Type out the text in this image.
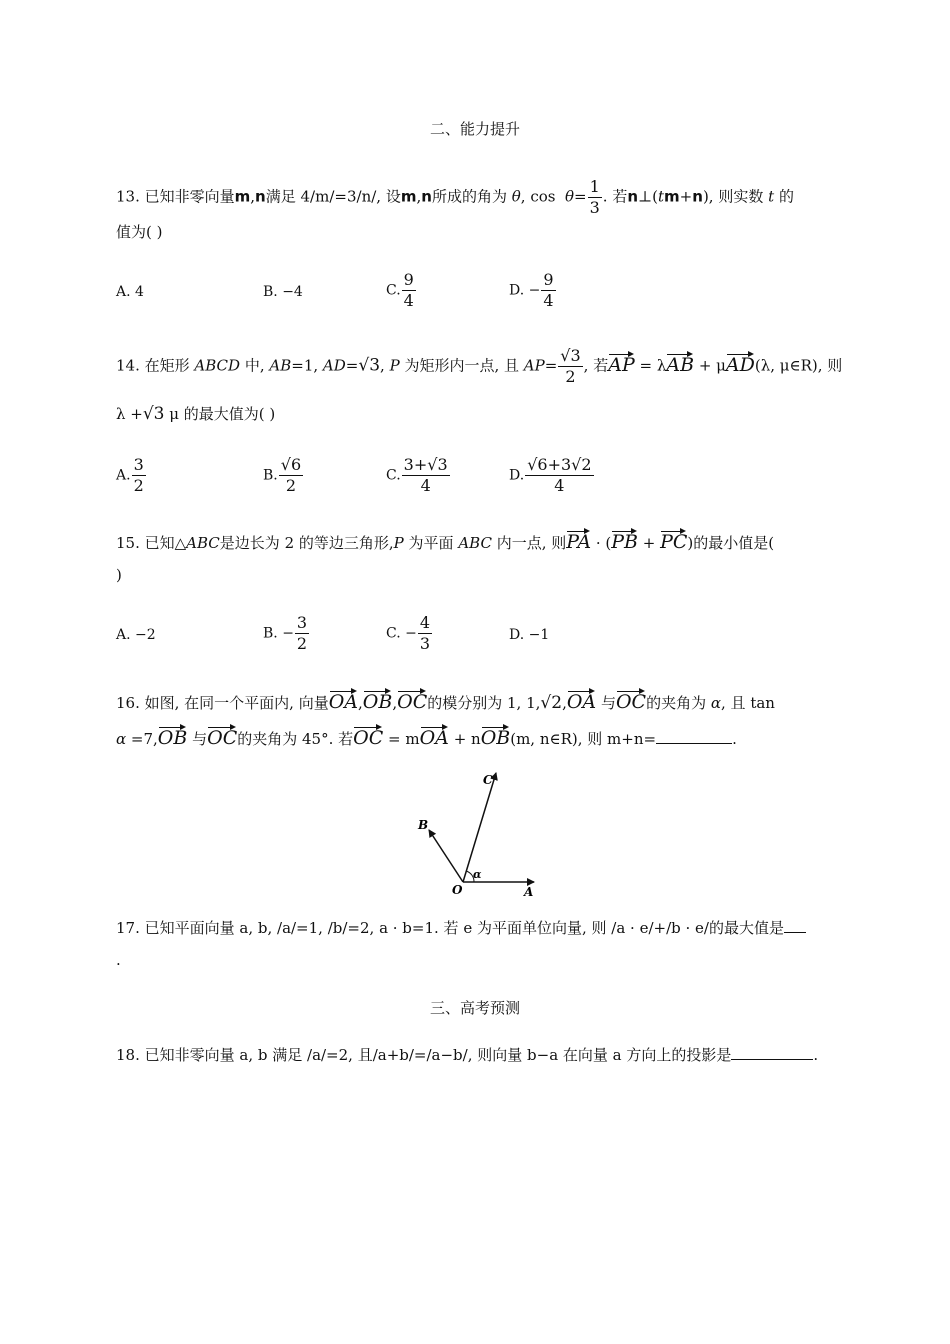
二、能力提升
13. 已知非零向量m,n满足 4/m/=3/n/, 设m,n所成的角为 θ, $\cos \theta= \frac{1}{3}$ . 若n⊥(tm+n), 则实数 t 的
值为( )
A. 4	B. −4	C. $\frac{9}{4}$	D. − $\frac{9}{4}$
14. 在矩形 ABCD 中, AB=1, AD=√3, P 为矩形内一点, 且 $AP= \frac{√3}{2}$ , 若AP = λAB + μAD(λ, μ∈R), 则
λ +√3 μ 的最大值为( )
A. $\frac{3}{2}$	B. $\frac{√6}{2}$	C. $\frac{3+√3}{4}$	D. $\frac{√6+3√2}{4}$
15. 已知△ABC是边长为 2 的等边三角形,P 为平面 ABC 内一点, 则PA · (PB + PC)的最小值是(
)
A. −2	B. − $\frac{3}{2}$	C. − $\frac{4}{3}$	D. −1
16. 如图, 在同一个平面内, 向量OA,OB,OC的模分别为 1, 1,√2,OA 与OC的夹角为 α, 且 tan
α =7,OB 与OC的夹角为 45°. 若OC = mOA + nOB(m, n∈R), 则 m+n=	.
C
B
O	A
α
17. 已知平面向量 a, b, /a/=1, /b/=2, a · b=1. 若 e 为平面单位向量, 则 /a · e/+/b · e/的最大值是
.
三、高考预测
18. 已知非零向量 a, b 满足 /a/=2, 且/a+b/=/a−b/, 则向量 b−a 在向量 a 方向上的投影是	.
